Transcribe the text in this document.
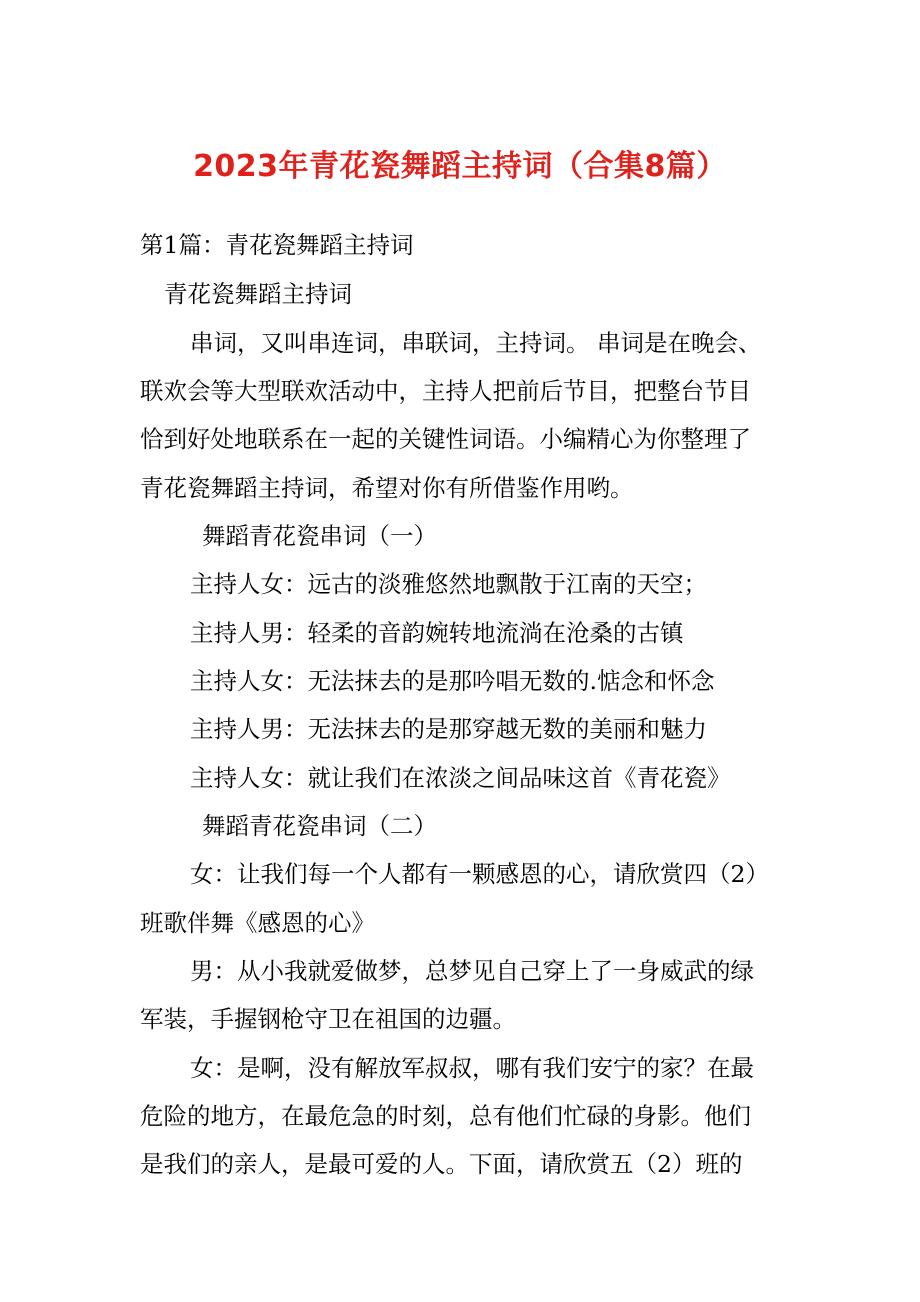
2023年青花瓷舞蹈主持词（合集8篇）
第1篇：青花瓷舞蹈主持词
青花瓷舞蹈主持词
串词，又叫串连词，串联词，主持词。 串词是在晚会、
联欢会等大型联欢活动中，主持人把前后节目，把整台节目
恰到好处地联系在一起的关键性词语。小编精心为你整理了
青花瓷舞蹈主持词，希望对你有所借鉴作用哟。
舞蹈青花瓷串词（一）
主持人女：远古的淡雅悠然地飘散于江南的天空；
主持人男：轻柔的音韵婉转地流淌在沧桑的古镇
主持人女：无法抹去的是那吟唱无数的.惦念和怀念
主持人男：无法抹去的是那穿越无数的美丽和魅力
主持人女：就让我们在浓淡之间品味这首《青花瓷》
舞蹈青花瓷串词（二）
女：让我们每一个人都有一颗感恩的心，请欣赏四（2）
班歌伴舞《感恩的心》
男：从小我就爱做梦，总梦见自己穿上了一身威武的绿
军装，手握钢枪守卫在祖国的边疆。
女：是啊，没有解放军叔叔，哪有我们安宁的家？在最
危险的地方，在最危急的时刻，总有他们忙碌的身影。他们
是我们的亲人，是最可爱的人。下面，请欣赏五（2）班的
